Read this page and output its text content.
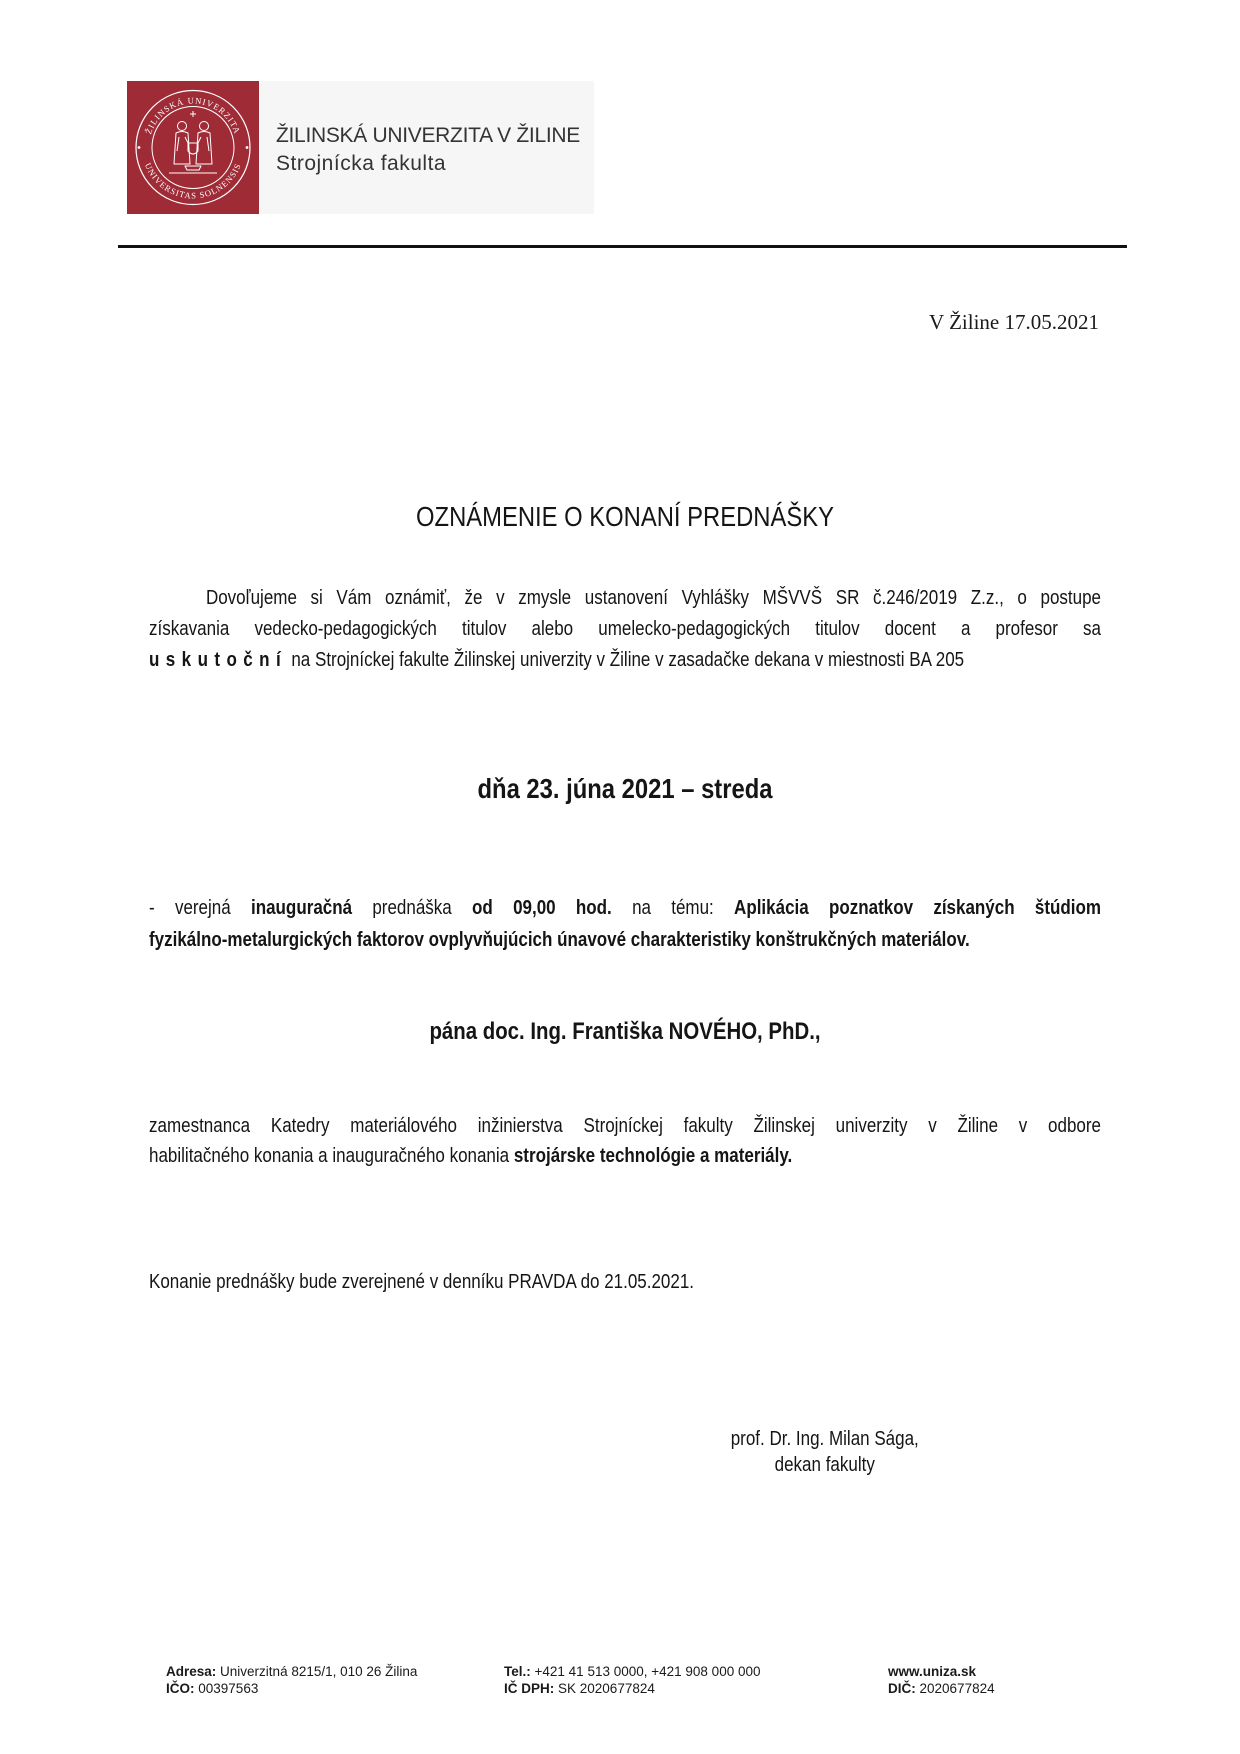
ŽILINSKÁ UNIVERZITA
UNIVERSITAS SOLNENSIS
ŽILINSKÁ UNIVERZITA V ŽILINE
Strojnícka fakulta
V Žiline 17.05.2021
OZNÁMENIE O KONANÍ PREDNÁŠKY
Dovoľujeme si Vám oznámiť, že v zmysle ustanovení Vyhlášky MŠVVŠ SR č.246/2019 Z.z., o postupe
získavania vedecko-pedagogických titulov alebo umelecko-pedagogických titulov docent a profesor sa
u s k u t o č n í na Strojníckej fakulte Žilinskej univerzity v Žiline v zasadačke dekana v miestnosti BA 205
dňa 23. júna 2021 – streda
- verejná inauguračná prednáška od 09,00 hod. na tému: Aplikácia poznatkov získaných štúdiom
fyzikálno-metalurgických faktorov ovplyvňujúcich únavové charakteristiky konštrukčných materiálov.
pána doc. Ing. Františka NOVÉHO, PhD.,
zamestnanca Katedry materiálového inžinierstva Strojníckej fakulty Žilinskej univerzity v Žiline v odbore
habilitačného konania a inauguračného konania strojárske technológie a materiály.
Konanie prednášky bude zverejnené v denníku PRAVDA do 21.05.2021.
prof. Dr. Ing. Milan Sága,
dekan fakulty
Adresa: Univerzitná 8215/1, 010 26 Žilina
IČO: 00397563
Tel.: +421 41 513 0000, +421 908 000 000
IČ DPH: SK 2020677824
www.uniza.sk
DIČ: 2020677824
